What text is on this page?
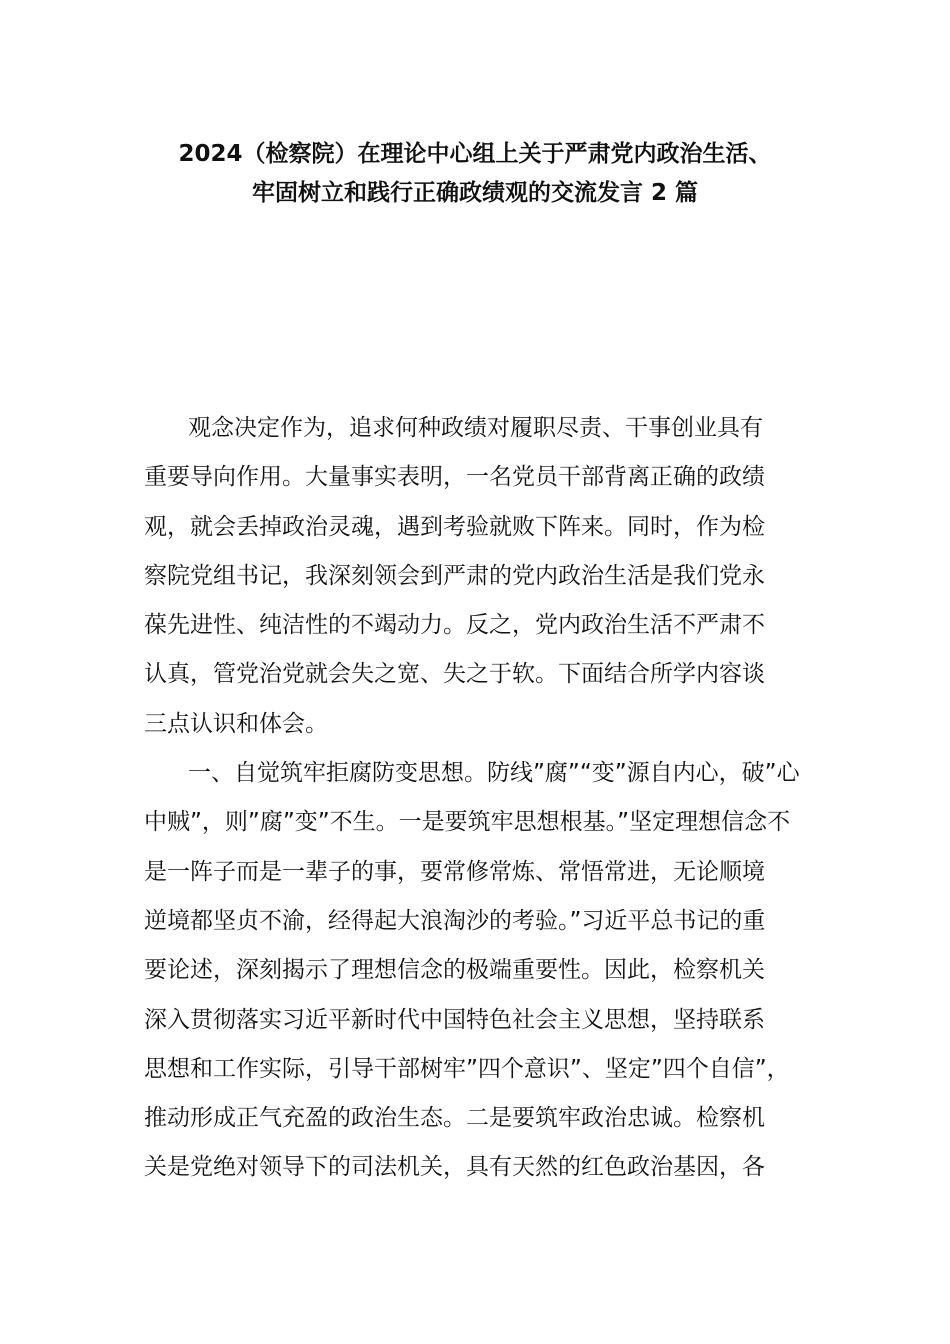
2024（检察院）在理论中心组上关于严肃党内政治生活、
牢固树立和践行正确政绩观的交流发言 2 篇
观念决定作为，追求何种政绩对履职尽责、干事创业具有
重要导向作用。大量事实表明，一名党员干部背离正确的政绩
观，就会丢掉政治灵魂，遇到考验就败下阵来。同时，作为检
察院党组书记，我深刻领会到严肃的党内政治生活是我们党永
葆先进性、纯洁性的不竭动力。反之，党内政治生活不严肃不
认真，管党治党就会失之宽、失之于软。下面结合所学内容谈
三点认识和体会。
一、自觉筑牢拒腐防变思想。防线”腐”“变”源自内心，破”心
中贼”，则”腐”变”不生。一是要筑牢思想根基。”坚定理想信念不
是一阵子而是一辈子的事，要常修常炼、常悟常进，无论顺境
逆境都坚贞不渝，经得起大浪淘沙的考验。”习近平总书记的重
要论述，深刻揭示了理想信念的极端重要性。因此，检察机关
深入贯彻落实习近平新时代中国特色社会主义思想，坚持联系
思想和工作实际，引导干部树牢”四个意识”、坚定”四个自信”，
推动形成正气充盈的政治生态。二是要筑牢政治忠诚。检察机
关是党绝对领导下的司法机关，具有天然的红色政治基因，各
